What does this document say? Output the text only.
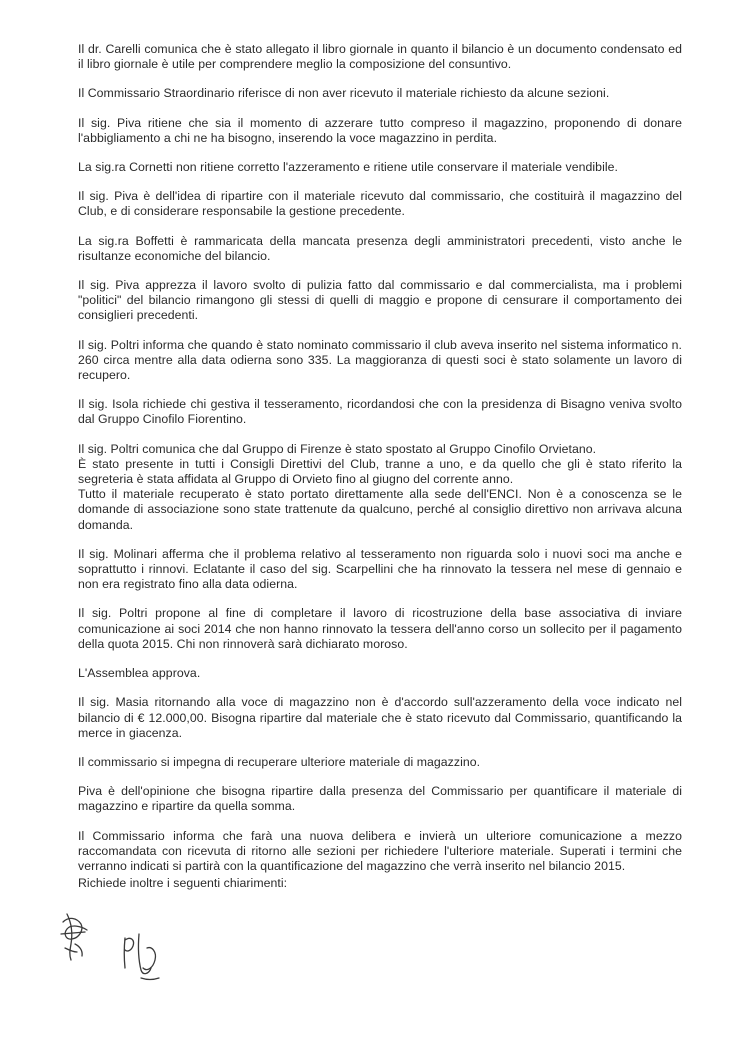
Il dr. Carelli comunica che è stato allegato il libro giornale in quanto il bilancio è un documento condensato ed il libro giornale è utile per comprendere meglio la composizione del consuntivo.

Il Commissario Straordinario riferisce di non aver ricevuto il materiale richiesto da alcune sezioni.

Il sig. Piva ritiene che sia il momento di azzerare tutto compreso il magazzino, proponendo di donare l'abbigliamento a chi ne ha bisogno, inserendo la voce magazzino in perdita.

La sig.ra Cornetti non ritiene corretto l'azzeramento e ritiene utile conservare il materiale vendibile.

Il sig. Piva è dell'idea di ripartire con il materiale ricevuto dal commissario, che costituirà il magazzino del Club, e di considerare responsabile la gestione precedente.

La sig.ra Boffetti è rammaricata della mancata presenza degli amministratori precedenti, visto anche le risultanze economiche del bilancio.

Il sig. Piva apprezza il lavoro svolto di pulizia fatto dal commissario e dal commercialista, ma i problemi "politici" del bilancio rimangono gli stessi di quelli di maggio e propone di censurare il comportamento dei consiglieri precedenti.

Il sig. Poltri informa che quando è stato nominato commissario il club aveva inserito nel sistema informatico n. 260 circa mentre alla data odierna sono 335. La maggioranza di questi soci è stato solamente un lavoro di recupero.

Il sig. Isola richiede chi gestiva il tesseramento, ricordandosi che con la presidenza di Bisagno veniva svolto dal Gruppo Cinofilo Fiorentino.

Il sig. Poltri comunica che dal Gruppo di Firenze è stato spostato al Gruppo Cinofilo Orvietano.
È stato presente in tutti i Consigli Direttivi del Club, tranne a uno, e da quello che gli è stato riferito la segreteria è stata affidata al Gruppo di Orvieto fino al giugno del corrente anno.
Tutto il materiale recuperato è stato portato direttamente alla sede dell'ENCI. Non è a conoscenza se le domande di associazione sono state trattenute da qualcuno, perché al consiglio direttivo non arrivava alcuna domanda.

Il sig. Molinari afferma che il problema relativo al tesseramento non riguarda solo i nuovi soci ma anche e soprattutto i rinnovi. Eclatante il caso del sig. Scarpellini che ha rinnovato la tessera nel mese di gennaio e non era registrato fino alla data odierna.

Il sig. Poltri propone al fine di completare il lavoro di ricostruzione della base associativa di inviare comunicazione ai soci 2014 che non hanno rinnovato la tessera dell'anno corso un sollecito per il pagamento della quota 2015. Chi non rinnoverà sarà dichiarato moroso.

L'Assemblea approva.

Il sig. Masia ritornando alla voce di magazzino non è d'accordo sull'azzeramento della voce indicato nel bilancio di € 12.000,00. Bisogna ripartire dal materiale che è stato ricevuto dal Commissario, quantificando la merce in giacenza.

Il commissario si impegna di recuperare ulteriore materiale di magazzino.

Piva è dell'opinione che bisogna ripartire dalla presenza del Commissario per quantificare il materiale di magazzino e ripartire da quella somma.

Il Commissario informa che farà una nuova delibera e invierà un ulteriore comunicazione a mezzo raccomandata con ricevuta di ritorno alle sezioni per richiedere l'ulteriore materiale. Superati i termini che verranno indicati si partirà con la quantificazione del magazzino che verrà inserito nel bilancio 2015.

Richiede inoltre i seguenti chiarimenti:
